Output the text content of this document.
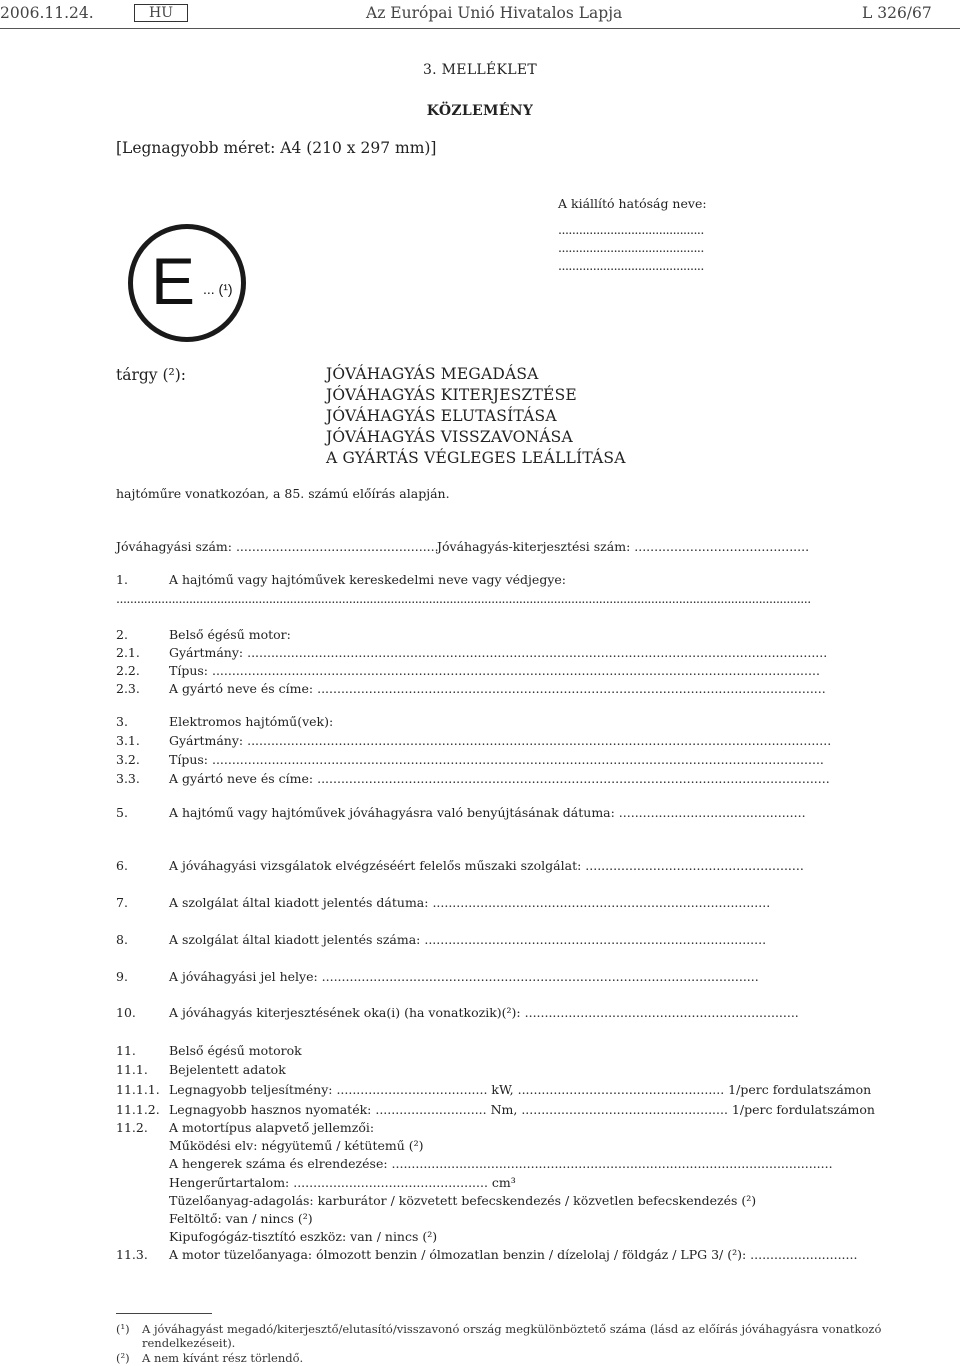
2006.11.24.	HU	Az Európai Unió Hivatalos Lapja	L 326/67
3. MELLÉKLET
KÖZLEMÉNY
[Legnagyobb méret: A4 (210 x 297 mm)]
A kiállító hatóság neve:
..........................................
..........................................
..........................................
E ... (¹)
tárgy (²):	JÓVÁHAGYÁS MEGADÁSA
JÓVÁHAGYÁS KITERJESZTÉSE
JÓVÁHAGYÁS ELUTASÍTÁSA
JÓVÁHAGYÁS VISSZAVONÁSA
A GYÁRTÁS VÉGLEGES LEÁLLÍTÁSA
hajtóműre vonatkozóan, a 85. számú előírás alapján.
Jóváhagyási szám: ...................................................
Jóváhagyás-kiterjesztési szám: ............................................
1.	A hajtómű vagy hajtóművek kereskedelmi neve vagy védjegye:
........................................................................................................................................................................................................
2.	Belső égésű motor:
2.1. Gyártmány: ..................................................................................................................................................
2.2. Típus: .........................................................................................................................................................
2.3. A gyártó neve és címe: ................................................................................................................................
3.	Elektromos hajtómű(vek):
3.1. Gyártmány: ...................................................................................................................................................
3.2. Típus: ..........................................................................................................................................................
3.3. A gyártó neve és címe: .................................................................................................................................
5.	A hajtómű vagy hajtóművek jóváhagyásra való benyújtásának dátuma: ...............................................
6.	A jóváhagyási vizsgálatok elvégzéséért felelős műszaki szolgálat: .......................................................
7.	A szolgálat által kiadott jelentés dátuma: .....................................................................................
8.	A szolgálat által kiadott jelentés száma: ......................................................................................
9.	A jóváhagyási jel helye: ..............................................................................................................
10.	A jóváhagyás kiterjesztésének oka(i) (ha vonatkozik)(²): .....................................................................
11.	Belső égésű motorok
11.1. Bejelentett adatok
11.1.1. Legnagyobb teljesítmény: ...................................... kW, .................................................... 1/perc fordulatszámon
11.1.2. Legnagyobb hasznos nyomaték: ............................ Nm, .................................................... 1/perc fordulatszámon
11.2. A motortípus alapvető jellemzői:
Működési elv: négyütemű / kétütemű (²)
A hengerek száma és elrendezése: ...............................................................................................................
Hengerűrtartalom: ................................................. cm³
Tüzelőanyag-adagolás: karburátor / közvetett befecskendezés / közvetlen befecskendezés (²)
Feltöltő: van / nincs (²)
Kipufogógáz-tisztító eszköz: van / nincs (²)
11.3. A motor tüzelőanyaga: ólmozott benzin / ólmozatlan benzin / dízelolaj / földgáz / LPG 3/ (²): ...........................
(¹) A jóváhagyást megadó/kiterjesztő/elutasító/visszavonó ország megkülönböztető száma (lásd az előírás jóváhagyásra vonatkozó
rendelkezéseit).
(²) A nem kívánt rész törlendő.
